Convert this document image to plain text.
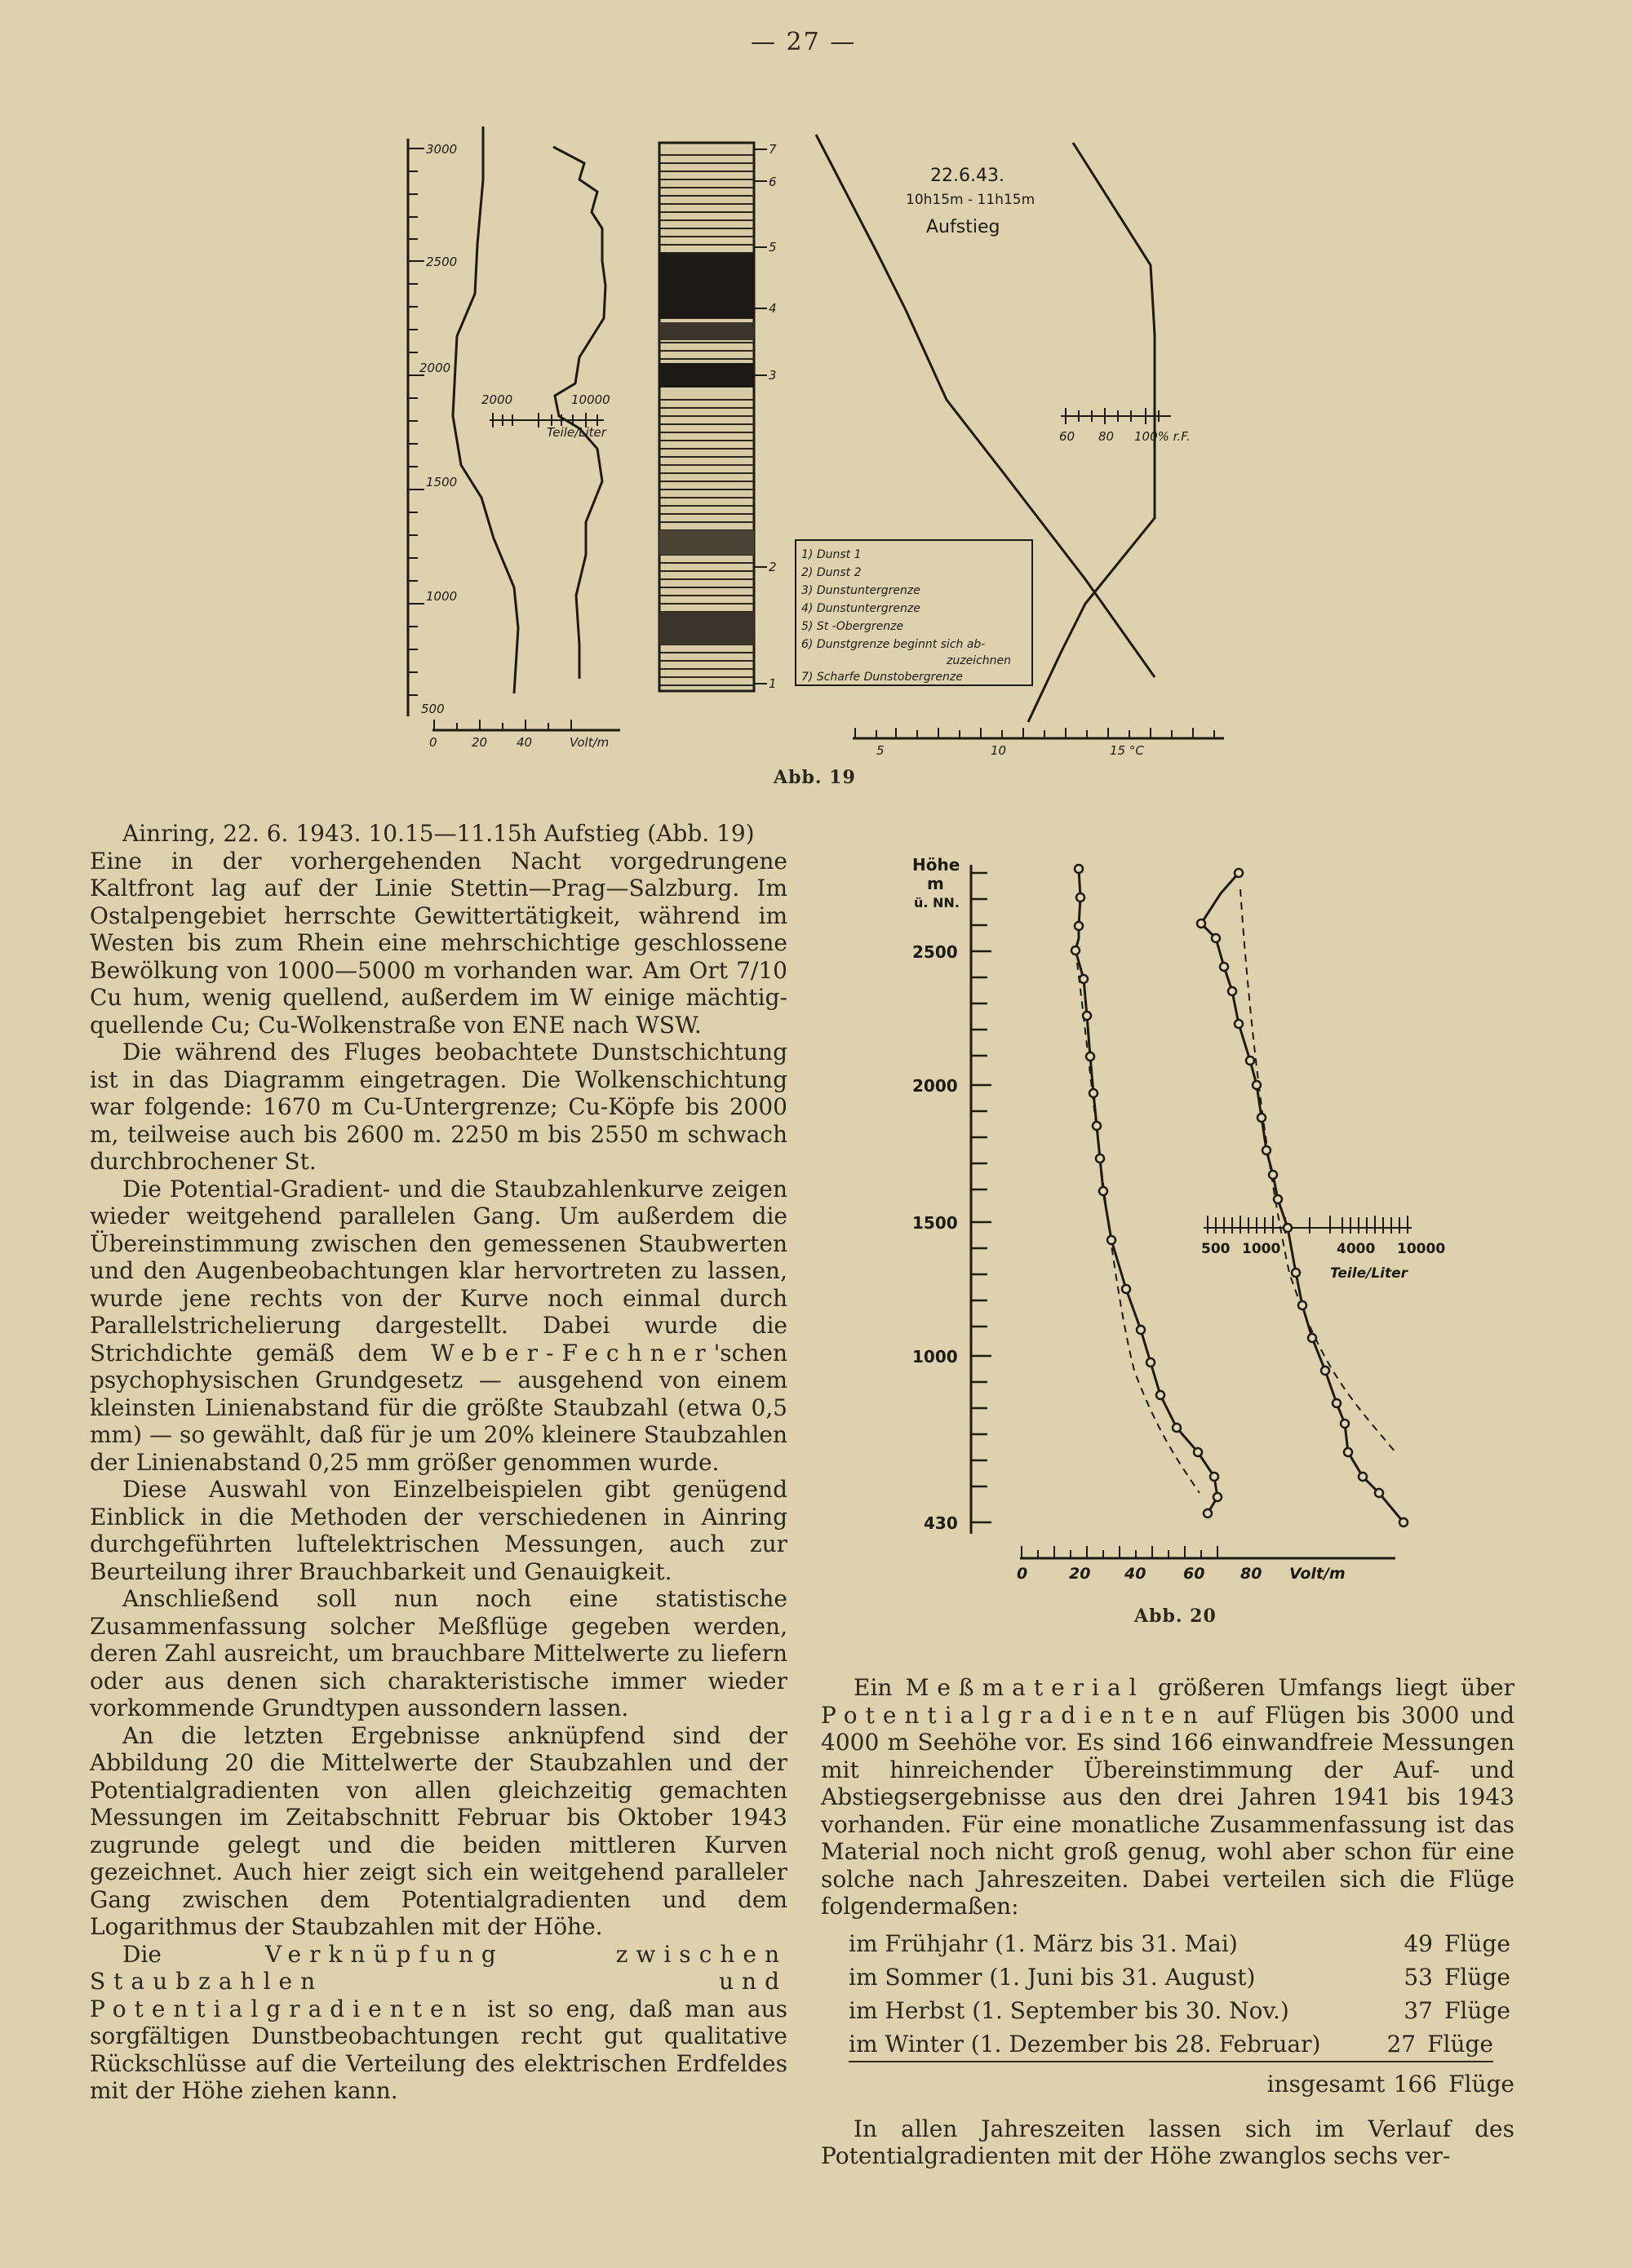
— 27 —
3000
2500
2000
1500
1000
500
0	20 40	Volt/m
2000	10000
Teile/Liter
7
6
5
4
3
2
1
60 80 100% r.F.
5	10	15 °C
22.6.43.
10h15m - 11h15m
Aufstieg
1) Dunst 1
2) Dunst 2
3) Dunstuntergrenze
4) Dunstuntergrenze
5) St -Obergrenze
6) Dunstgrenze beginnt sich ab-
zuzeichnen
7) Scharfe Dunstobergrenze
Abb. 19
Höhe
m
ü. NN.
2500
2000
1500
1000
430
0	20 40 60 80 Volt/m
500 1000	4000 10000
Teile/Liter
Abb. 20

Ainring, 22. 6. 1943. 10.15—11.15h Aufstieg (Abb. 19)

Eine in der vorhergehenden Nacht vorgedrungene Kaltfront lag auf der Linie Stettin—Prag—Salzburg. Im Ostalpengebiet herrschte Gewittertätigkeit, während im Westen bis zum Rhein eine mehrschichtige geschlossene Bewölkung von 1000—5000 m vorhanden war. Am Ort 7/10 Cu hum, wenig quellend, außerdem im W einige mächtig-quellende Cu; Cu-Wolkenstraße von ENE nach WSW.

Die während des Fluges beobachtete Dunstschichtung ist in das Diagramm eingetragen. Die Wolkenschichtung war folgende: 1670 m Cu-Untergrenze; Cu-Köpfe bis 2000 m, teilweise auch bis 2600 m. 2250 m bis 2550 m schwach durchbrochener St.

Die Potential-Gradient- und die Staubzahlenkurve zeigen wieder weitgehend parallelen Gang. Um außerdem die Übereinstimmung zwischen den gemessenen Staubwerten und den Augenbeobachtungen klar hervortreten zu lassen, wurde jene rechts von der Kurve noch einmal durch Parallelstrichelierung dargestellt. Dabei wurde die Strichdichte gemäß dem Weber-Fechner'schen psychophysischen Grundgesetz — ausgehend von einem kleinsten Linienabstand für die größte Staubzahl (etwa 0,5 mm) — so gewählt, daß für je um 20% kleinere Staubzahlen der Linienabstand 0,25 mm größer genommen wurde.

Diese Auswahl von Einzelbeispielen gibt genügend Einblick in die Methoden der verschiedenen in Ainring durchgeführten luftelektrischen Messungen, auch zur Beurteilung ihrer Brauchbarkeit und Genauigkeit.

Anschließend soll nun noch eine statistische Zusammenfassung solcher Meßflüge gegeben werden, deren Zahl ausreicht, um brauchbare Mittelwerte zu liefern oder aus denen sich charakteristische immer wieder vorkommende Grundtypen aussondern lassen.

An die letzten Ergebnisse anknüpfend sind der Abbildung 20 die Mittelwerte der Staubzahlen und der Potentialgradienten von allen gleichzeitig gemachten Messungen im Zeitabschnitt Februar bis Oktober 1943 zugrunde gelegt und die beiden mittleren Kurven gezeichnet. Auch hier zeigt sich ein weitgehend paralleler Gang zwischen dem Potentialgradienten und dem Logarithmus der Staubzahlen mit der Höhe.

Die	Verknüpfung zwischen Staubzahlen und Potentialgradienten ist so eng, daß man aus sorgfältigen Dunstbeobachtungen recht gut qualitative Rückschlüsse auf die Verteilung des elektrischen Erdfeldes mit der Höhe ziehen kann.

Ein Meßmaterial größeren Umfangs liegt über Potentialgradienten auf Flügen bis 3000 und 4000 m Seehöhe vor. Es sind 166 einwandfreie Messungen mit hinreichender Übereinstimmung der Auf- und Abstiegsergebnisse aus den drei Jahren 1941 bis 1943 vorhanden. Für eine monatliche Zusammenfassung ist das Material noch nicht groß genug, wohl aber schon für eine solche nach Jahreszeiten. Dabei verteilen sich die Flüge folgendermaßen:

im Frühjahr (1. März bis 31. Mai)	49 Flüge
im Sommer (1. Juni bis 31. August)	53 Flüge
im Herbst (1. September bis 30. Nov.)	37 Flüge
im Winter (1. Dezember bis 28. Februar)	27 Flüge
insgesamt 166 Flüge

In allen Jahreszeiten lassen sich im Verlauf des Potentialgradienten mit der Höhe zwanglos sechs ver-
